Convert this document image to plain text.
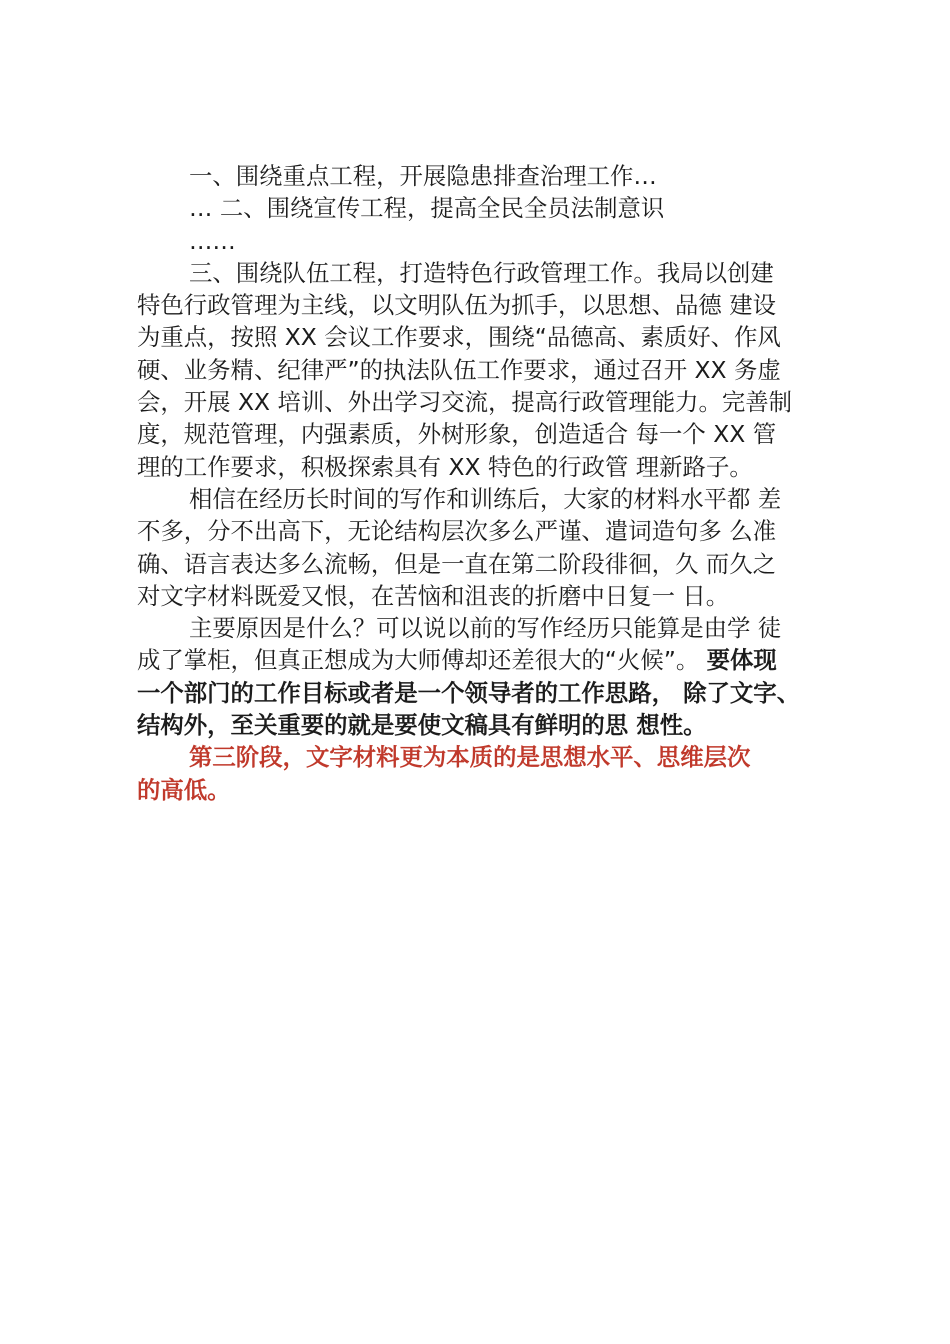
一、围绕重点工程，开展隐患排查治理工作…
… 二、围绕宣传工程，提高全民全员法制意识
……
三、围绕队伍工程，打造特色行政管理工作。我局以创建
特色行政管理为主线，以文明队伍为抓手，以思想、品德 建设
为重点，按照 XX 会议工作要求，围绕“品德高、素质好、作风
硬、业务精、纪律严”的执法队伍工作要求，通过召开 XX 务虚
会，开展 XX 培训、外出学习交流，提高行政管理能力。完善制
度，规范管理，内强素质，外树形象，创造适合 每一个 XX 管
理的工作要求，积极探索具有 XX 特色的行政管 理新路子。
相信在经历长时间的写作和训练后，大家的材料水平都 差
不多，分不出高下，无论结构层次多么严谨、遣词造句多 么准
确、语言表达多么流畅，但是一直在第二阶段徘徊，久 而久之
对文字材料既爱又恨，在苦恼和沮丧的折磨中日复一 日。
主要原因是什么？可以说以前的写作经历只能算是由学 徒
成了掌柜，但真正想成为大师傅却还差很大的“火候”。 要体现
一个部门的工作目标或者是一个领导者的工作思路， 除了文字、
结构外，至关重要的就是要使文稿具有鲜明的思 想性。
第三阶段，文字材料更为本质的是思想水平、思维层次
的高低。
